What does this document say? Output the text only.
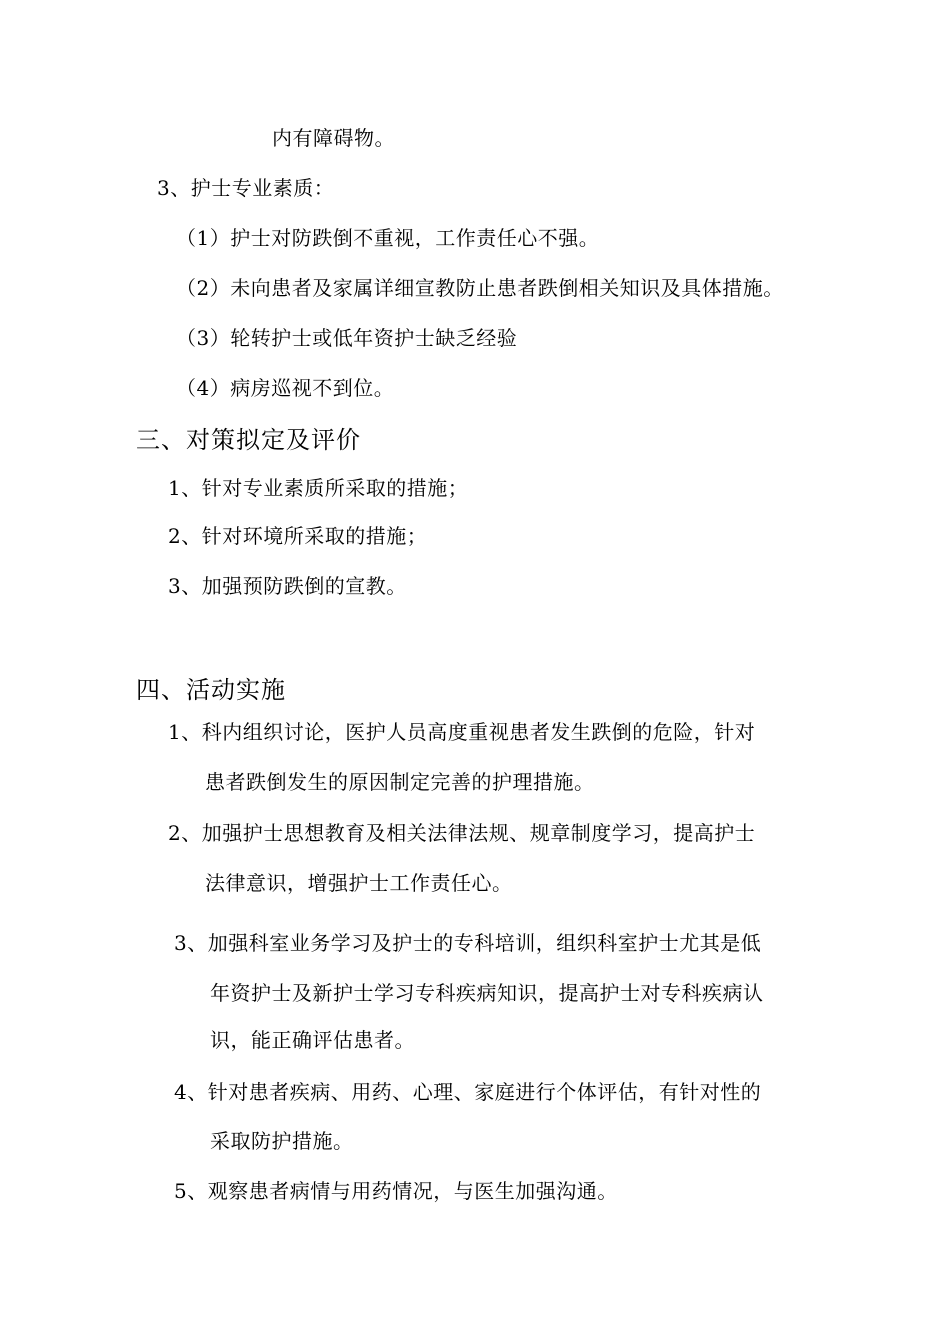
内有障碍物。
3、护士专业素质：
（1）护士对防跌倒不重视，工作责任心不强。
（2）未向患者及家属详细宣教防止患者跌倒相关知识及具体措施。
（3）轮转护士或低年资护士缺乏经验
（4）病房巡视不到位。
三、对策拟定及评价
1、针对专业素质所采取的措施；
2、针对环境所采取的措施；
3、加强预防跌倒的宣教。
四、活动实施
1、科内组织讨论，医护人员高度重视患者发生跌倒的危险，针对
患者跌倒发生的原因制定完善的护理措施。
2、加强护士思想教育及相关法律法规、规章制度学习，提高护士
法律意识，增强护士工作责任心。
3、加强科室业务学习及护士的专科培训，组织科室护士尤其是低
年资护士及新护士学习专科疾病知识，提高护士对专科疾病认
识，能正确评估患者。
4、针对患者疾病、用药、心理、家庭进行个体评估，有针对性的
采取防护措施。
5、观察患者病情与用药情况，与医生加强沟通。
